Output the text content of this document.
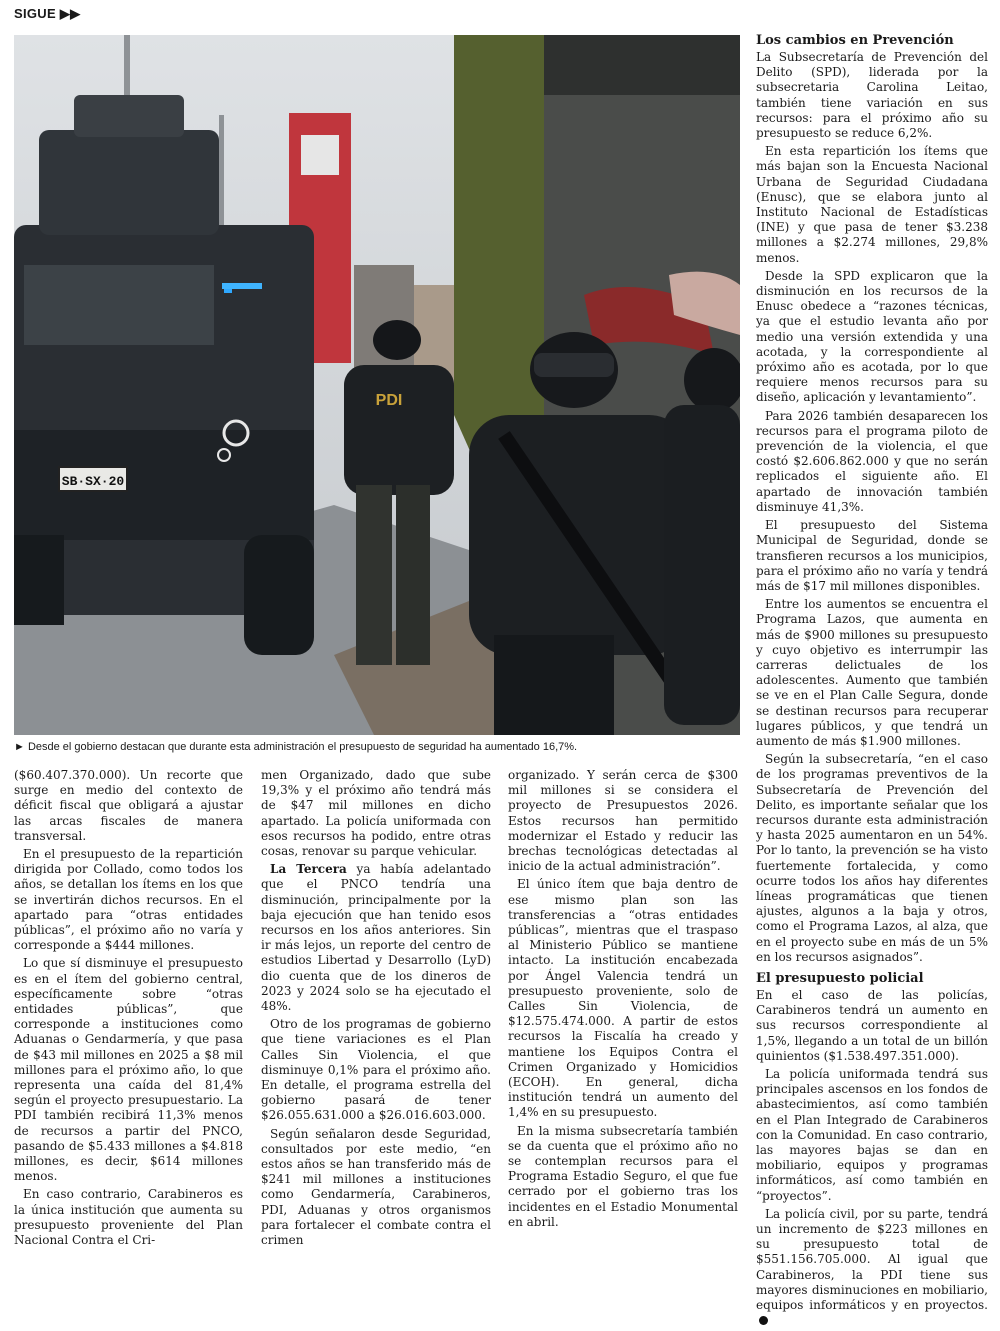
SIGUE ▶▶
SB·SX·20
PDI
► Desde el gobierno destacan que durante esta administración el presupuesto de seguridad ha aumentado 16,7%.
Los cambios en Prevención

La Subsecretaría de Prevención del Delito (SPD), liderada por la subsecretaria Carolina Leitao, también tiene variación en sus recursos: para el próximo año su presupuesto se reduce 6,2%.

En esta repartición los ítems que más bajan son la Encuesta Nacional Urbana de Seguridad Ciudadana (Enusc), que se elabora junto al Instituto Nacional de Estadísticas (INE) y que pasa de tener $3.238 millones a $2.274 millones, 29,8% menos.

Desde la SPD explicaron que la disminución en los recursos de la Enusc obedece a “razones técnicas, ya que el estudio levanta año por medio una versión extendida y una acotada, y la correspondiente al próximo año es acotada, por lo que requiere menos recursos para su diseño, aplicación y levantamiento”.

Para 2026 también desaparecen los recursos para el programa piloto de prevención de la violencia, el que costó $2.606.862.000 y que no serán replicados el siguiente año. El apartado de innovación también disminuye 41,3%.

El presupuesto del Sistema Municipal de Seguridad, donde se transfieren recursos a los municipios, para el próximo año no varía y tendrá más de $17 mil millones disponibles.

Entre los aumentos se encuentra el Programa Lazos, que aumenta en más de $900 millones su presupuesto y cuyo objetivo es interrumpir las carreras delictuales de los adolescentes. Aumento que también se ve en el Plan Calle Segura, donde se destinan recursos para recuperar lugares públicos, y que tendrá un aumento de más $1.900 millones.

Según la subsecretaría, “en el caso de los programas preventivos de la Subsecretaría de Prevención del Delito, es importante señalar que los recursos durante esta administración y hasta 2025 aumentaron en un 54%. Por lo tanto, la prevención se ha visto fuertemente fortalecida, y como ocurre todos los años hay diferentes líneas programáticas que tienen ajustes, algunos a la baja y otros, como el Programa Lazos, al alza, que en el proyecto sube en más de un 5% en los recursos asignados”.

El presupuesto policial

En el caso de las policías, Carabineros tendrá un aumento en sus recursos correspondiente al 1,5%, llegando a un total de un billón quinientos ($1.538.497.351.000).

La policía uniformada tendrá sus principales ascensos en los fondos de abastecimientos, así como también en el Plan Integrado de Carabineros con la Comunidad. En caso contrario, las mayores bajas se dan en mobiliario, equipos y programas informáticos, así como también en “proyectos”.

La policía civil, por su parte, tendrá un incremento de $223 millones en su presupuesto total de $551.156.705.000. Al igual que Carabineros, la PDI tiene sus mayores disminuciones en mobiliario, equipos informáticos y en proyectos.

($60.407.370.000). Un recorte que surge en medio del contexto de déficit fiscal que obligará a ajustar las arcas fiscales de manera transversal.

En el presupuesto de la repartición dirigida por Collado, como todos los años, se detallan los ítems en los que se invertirán dichos recursos. En el apartado para “otras entidades públicas”, el próximo año no varía y corresponde a $444 millones.

Lo que sí disminuye el presupuesto es en el ítem del gobierno central, específicamente sobre “otras entidades públicas”, que corresponde a instituciones como Aduanas o Gendarmería, y que pasa de $43 mil millones en 2025 a $8 mil millones para el próximo año, lo que representa una caída del 81,4% según el proyecto presupuestario. La PDI también recibirá 11,3% menos de recursos a partir del PNCO, pasando de $5.433 millones a $4.818 millones, es decir, $614 millones menos.

En caso contrario, Carabineros es la única institución que aumenta su presupuesto proveniente del Plan Nacional Contra el Cri-

men Organizado, dado que sube 19,3% y el próximo año tendrá más de $47 mil millones en dicho apartado. La policía uniformada con esos recursos ha podido, entre otras cosas, renovar su parque vehicular.

La Tercera ya había adelantado que el PNCO tendría una disminución, principalmente por la baja ejecución que han tenido esos recursos en los años anteriores. Sin ir más lejos, un reporte del centro de estudios Libertad y Desarrollo (LyD) dio cuenta que de los dineros de 2023 y 2024 solo se ha ejecutado el 48%.

Otro de los programas de gobierno que tiene variaciones es el Plan Calles Sin Violencia, el que disminuye 0,1% para el próximo año. En detalle, el programa estrella del gobierno pasará de tener $26.055.631.000 a $26.016.603.000.

Según señalaron desde Seguridad, consultados por este medio, “en estos años se han transferido más de $241 mil millones a instituciones como Gendarmería, Carabineros, PDI, Aduanas y otros organismos para fortalecer el combate contra el crimen

organizado. Y serán cerca de $300 mil millones si se considera el proyecto de Presupuestos 2026. Estos recursos han permitido modernizar el Estado y reducir las brechas tecnológicas detectadas al inicio de la actual administración”.

El único ítem que baja dentro de ese mismo plan son las transferencias a “otras entidades públicas”, mientras que el traspaso al Ministerio Público se mantiene intacto. La institución encabezada por Ángel Valencia tendrá un presupuesto proveniente, solo de Calles Sin Violencia, de $12.575.474.000. A partir de estos recursos la Fiscalía ha creado y mantiene los Equipos Contra el Crimen Organizado y Homicidios (ECOH). En general, dicha institución tendrá un aumento del 1,4% en su presupuesto.

En la misma subsecretaría también se da cuenta que el próximo año no se contemplan recursos para el Programa Estadio Seguro, el que fue cerrado por el gobierno tras los incidentes en el Estadio Monumental en abril.
